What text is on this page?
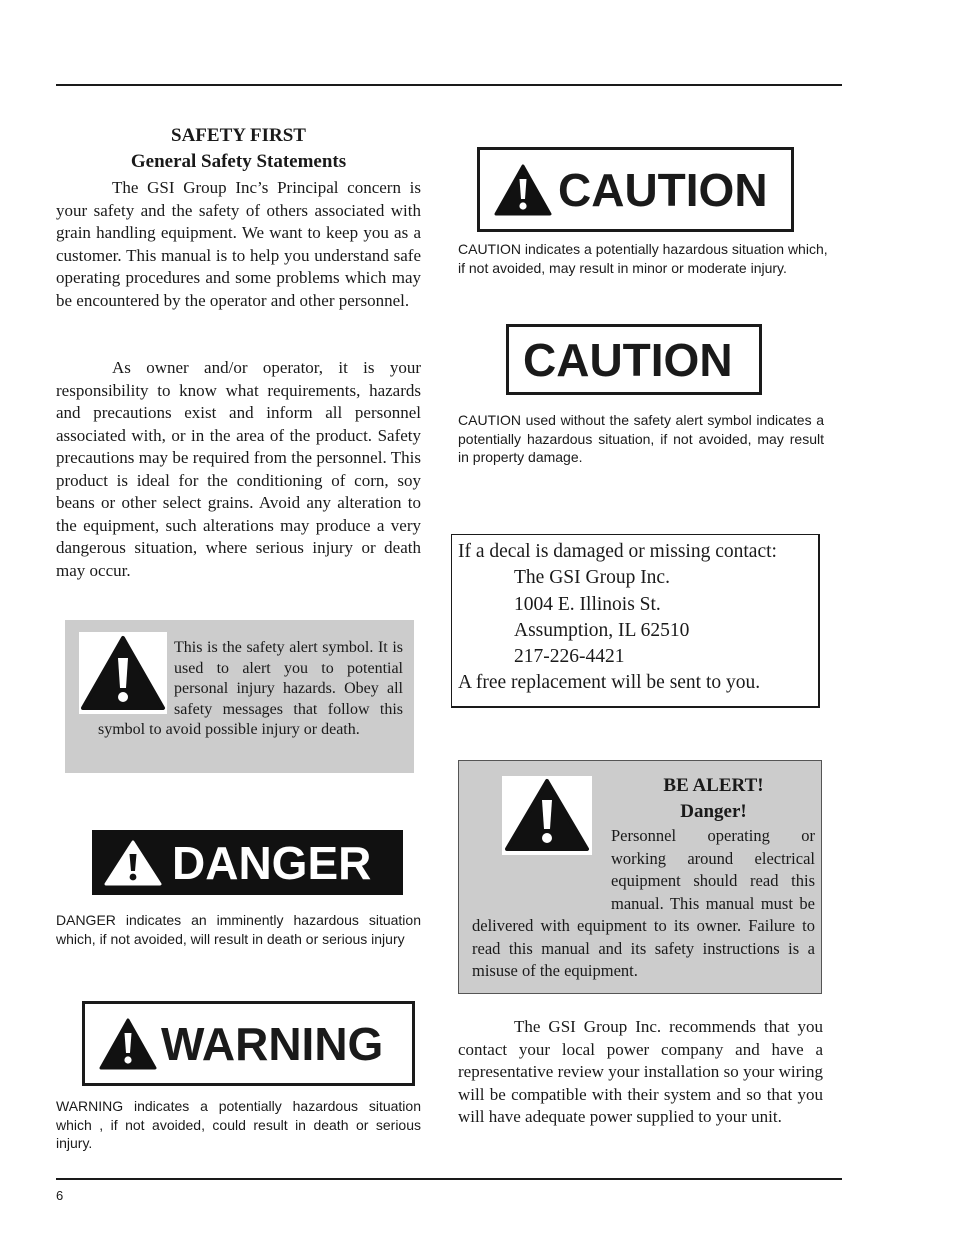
SAFETY FIRST
General Safety Statements
The GSI Group Inc’s Principal concern is your safety and the safety of others associated with grain handling equipment. We want to keep you as a customer. This manual is to help you understand safe operating procedures and some problems which may be encountered by the operator and other personnel.
As owner and/or operator, it is your responsibility to know what requirements, hazards and precautions exist and inform all personnel associated with, or in the area of the product. Safety precautions may be required from the personnel. This product is ideal for the conditioning of corn, soy beans or other select grains. Avoid any alteration to the equipment, such alterations may produce a very dangerous situation, where serious injury or death may occur.
This is the safety alert symbol. It is used to alert you to potential personal injury hazards. Obey all safety messages that follow this symbol to avoid possible injury or death.
DANGER
DANGER indicates an imminently hazardous situation which, if not avoided, will result in death or serious injury
WARNING
WARNING indicates a potentially hazardous situation which , if not avoided, could result in death or serious injury.
CAUTION
CAUTION indicates a potentially hazardous situation which, if not avoided, may result in minor or moderate injury.
CAUTION
CAUTION used without the safety alert symbol indicates a potentially hazardous situation, if not avoided, may result in property damage.
If a decal is damaged or missing contact:
The GSI Group Inc.
1004 E. Illinois St.
Assumption, IL 62510
217-226-4421
A free replacement will be sent to you.
BE ALERT!
Danger!
Personnel operating or working around electrical equipment should read this manual. This manual must be delivered with equipment to its owner. Failure to read this manual and its safety instructions is a misuse of the equipment.
The GSI Group Inc. recommends that you contact your local power company and have a representative review your installation so your wiring will be compatible with their system and so that you will have adequate power supplied to your unit.
6
